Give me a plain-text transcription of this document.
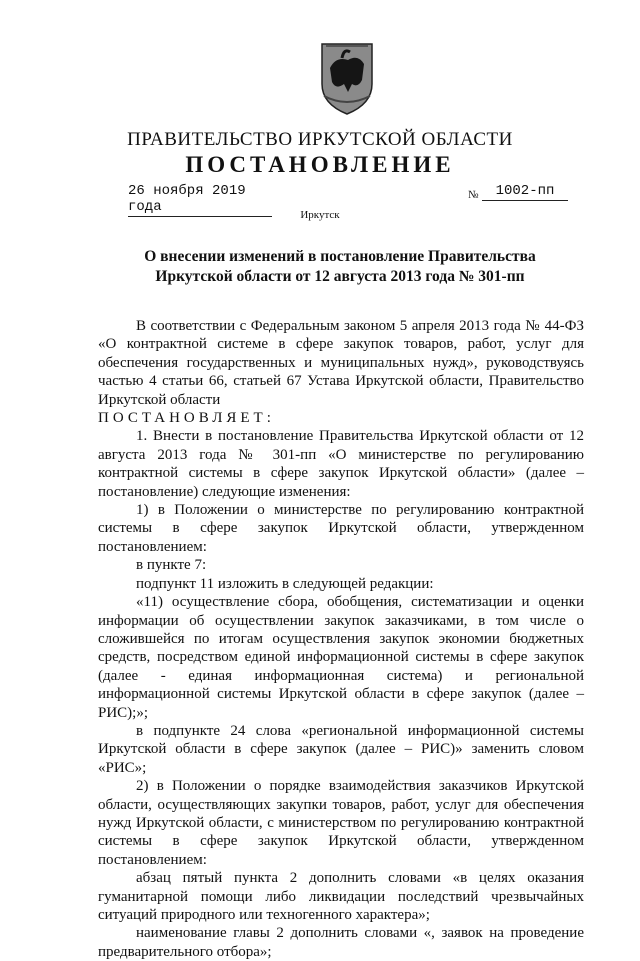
ПРАВИТЕЛЬСТВО ИРКУТСКОЙ ОБЛАСТИ
ПОСТАНОВЛЕНИЕ
26 ноября 2019 года
№	1002-пп
Иркутск
О внесении изменений в постановление Правительства Иркутской области от 12 августа 2013 года № 301-пп

В соответствии с Федеральным законом 5 апреля 2013 года № 44-ФЗ «О контрактной системе в сфере закупок товаров, работ, услуг для обеспечения государственных и муниципальных нужд», руководствуясь частью 4 статьи 66, статьей 67 Устава Иркутской области, Правительство Иркутской области

ПОСТАНОВЛЯЕТ:

1. Внести в постановление Правительства Иркутской области от 12 августа 2013 года № 301-пп «О министерстве по регулированию контрактной системы в сфере закупок Иркутской области» (далее – постановление) следующие изменения:

1) в Положении о министерстве по регулированию контрактной системы в сфере закупок Иркутской области, утвержденном постановлением:

в пункте 7:

подпункт 11 изложить в следующей редакции:

«11) осуществление сбора, обобщения, систематизации и оценки информации об осуществлении закупок заказчиками, в том числе о сложившейся по итогам осуществления закупок экономии бюджетных средств, посредством единой информационной системы в сфере закупок (далее - единая информационная система) и региональной информационной системы Иркутской области в сфере закупок (далее – РИС);»;

в подпункте 24 слова «региональной информационной системы Иркутской области в сфере закупок (далее – РИС)» заменить словом «РИС»;

2) в Положении о порядке взаимодействия заказчиков Иркутской области, осуществляющих закупки товаров, работ, услуг для обеспечения нужд Иркутской области, с министерством по регулированию контрактной системы в сфере закупок Иркутской области, утвержденном постановлением:

абзац пятый пункта 2 дополнить словами «в целях оказания гуманитарной помощи либо ликвидации последствий чрезвычайных ситуаций природного или техногенного характера»;

наименование главы 2 дополнить словами «, заявок на проведение предварительного отбора»;
